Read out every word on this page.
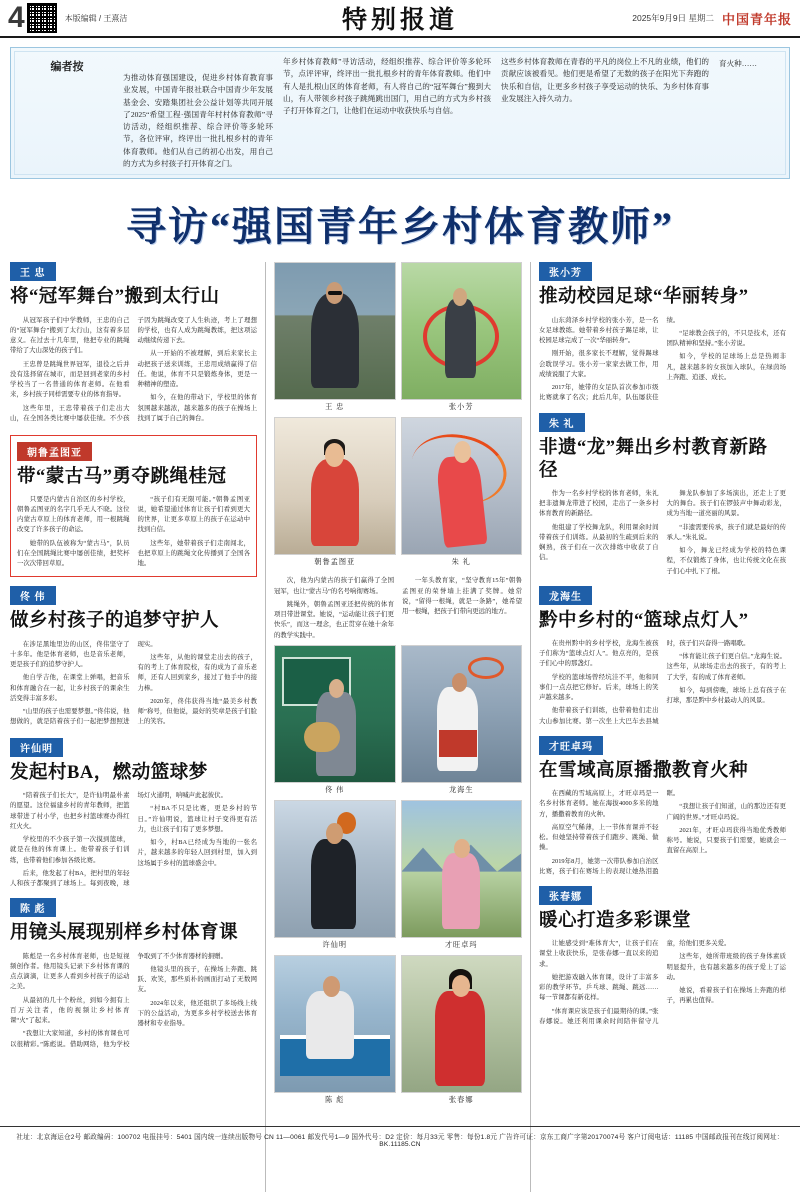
4	本版编辑 / 王熹洁	特别报道	2025年9月9日 星期二 中国青年报
编者按
为推动体育强国建设，促进乡村体育教育事业发展，中国青年报社联合中国青少年发展基金会、安踏集团社会公益计划等共同开展了2025“希望工程·强国青年村村体育教师”寻访活动，经组织推荐、综合评价等多轮环节，各位评审，终评出一批扎根乡村的青年体育教师。他们从自己的初心出发，用自己的方式为乡村孩子打开体育之门。
年乡村体育教师”寻访活动，经组织推荐、综合评价等多轮环节，点评评审，终评出一批扎根乡村的青年体育教师。他们中有人是扎根山区的体育老师，有人将自己的“冠军舞台”搬到大山，有人带领乡村孩子跳绳跳出国门，用自己的方式为乡村孩子打开体育之门，让他们在运动中收获快乐与自信。
这些乡村体育教师在青春的平凡的岗位上不凡的业绩，他们的贡献应该被看见。他们更是希望了无数的孩子在阳光下奔跑的快乐和自信，让更多乡村孩子享受运动的快乐、为乡村体育事业发展注入持久动力。
育火种……
寻访“强国青年乡村体育教师”
王 忠
将“冠军舞台”搬到太行山

从冠军孩子们中学教师，王忠的自己的“冠军舞台”搬到了太行山，这有着多层意义。在过去十几年里，他把专业的跳绳带给了大山深处的孩子们。

王忠曾是跳绳世界冠军，退役之后并没有选择留在城市，而是回到老家的乡村学校当了一名普通的体育老师。在他看来，乡村孩子同样需要专业的体育指导。

这些年里，王忠带着孩子们走出大山，在全国各类比赛中屡获佳绩。不少孩子因为跳绳改变了人生轨迹，考上了理想的学校，也有人成为跳绳教练，把这项运动继续传递下去。

从一开始的不被理解，到后来家长主动把孩子送来训练，王忠用成绩赢得了信任。他说，体育不只是锻炼身体，更是一种精神的塑造。

如今，在他的带动下，学校里的体育氛围越来越浓，越来越多的孩子在操场上找到了属于自己的舞台。

朝鲁孟图亚
带“蒙古马”勇夺跳绳桂冠

只要是内蒙古自治区的乡村学校，朝鲁孟图亚的名字几乎无人不晓。这位内蒙古草原上的体育老师，用一根跳绳改变了许多孩子的命运。

她带的队伍被称为“蒙古马”，队员们在全国跳绳比赛中屡创佳绩，把奖杯一次次带回草原。

“孩子们有无限可能。”朝鲁孟图亚说，她希望通过体育让孩子们看到更大的世界，让更多草原上的孩子在运动中找到自信。

这些年，她带着孩子们走南闯北，也把草原上的跳绳文化传播到了全国各地。

佟 伟
做乡村孩子的追梦守护人

在涉足黑地里边的山区，佟伟坚守了十多年。他是体育老师，也是音乐老师，更是孩子们的追梦守护人。

他自学吉他，在课堂上弹唱，把音乐和体育融合在一起，让乡村孩子的课余生活变得丰富多彩。

“山里的孩子也需要梦想。”佟伟说，他想做的，就是陪着孩子们一起把梦想照进现实。

这些年，从他的课堂走出去的孩子，有的考上了体育院校，有的成为了音乐老师，还有人回到家乡，接过了他手中的接力棒。

2020年，佟伟获得当地“最美乡村教师”称号，但他说，最好的奖章是孩子们脸上的笑容。

许仙明
发起村BA，燃动篮球梦

“陪着孩子们长大”，是许仙明最朴素的愿望。这位福建乡村的青年教师，把篮球带进了村小学，也把乡村篮球赛办得红红火火。

学校里的不少孩子第一次摸到篮球，就是在他的体育课上。他带着孩子们训练，也带着他们参加各级比赛。

后来，他发起了村BA，把村里的年轻人和孩子都聚到了球场上。每到夜晚，球场灯火通明，呐喊声此起彼伏。

“村BA不只是比赛，更是乡村的节日。”许仙明说，篮球让村子变得更有活力，也让孩子们有了更多梦想。

如今，村BA已经成为当地的一张名片，越来越多的年轻人回到村里，加入到这场属于乡村的篮球盛会中。

陈 彪
用镜头展现别样乡村体育课

陈彪是一名乡村体育老师，也是短视频创作者。他用镜头记录下乡村体育课的点点滴滴，让更多人看到乡村孩子的运动之美。

从最初的几十个粉丝，到如今拥有上百万关注者，他的视频让乡村体育课“火”了起来。

“我想让大家知道，乡村的体育课也可以很精彩。”陈彪说。借助网络，他为学校争取到了不少体育器材的捐赠。

他镜头里的孩子，在操场上奔跑、跳跃、欢笑，那些质朴的画面打动了无数网友。

2024年以来，他还组织了多场线上线下的公益活动，为更多乡村学校送去体育器材和专业指导。

王 忠	张小芳
朝鲁孟图亚	朱 礼

次，他为内蒙古的孩子们赢得了全国冠军，也让“蒙古马”的名号响彻赛场。

跳绳外，朝鲁孟图亚还把传统的体育项目带进课堂。她说，“运动能让孩子们更快乐”，而这一理念，也正贯穿在她十余年的教学实践中。

一年头教育家，“坚守教育15年”朝鲁孟图亚的荣誉墙上挂满了奖牌。她常说，“留得一根绳，就是一条路”，她希望用一根绳，把孩子们带向更远的地方。

佟 伟	龙海生
许仙明	才旺卓玛
陈 彪	张春娜
张小芳
推动校园足球“华丽转身”

山东菏泽乡村学校的张小芳，是一名女足球教练。她带着乡村孩子踢足球，让校园足球完成了一次“华丽转身”。

刚开始，很多家长不理解，觉得踢球会耽误学习。张小芳一家家去做工作，用成绩说服了大家。

2017年，她带的女足队首次参加市级比赛就拿了名次；此后几年，队伍屡获佳绩。

“足球教会孩子的，不只是技术，还有团队精神和坚持。”张小芳说。

如今，学校的足球场上总是热闹非凡，越来越多的女孩加入球队，在绿茵场上奔跑、追逐、成长。

朱 礼
非遗“龙”舞出乡村教育新路径

作为一名乡村学校的体育老师，朱礼把非遗舞龙带进了校园，走出了一条乡村体育教育的新路径。

他组建了学校舞龙队，利用课余时间带着孩子们训练。从最初的生疏到后来的娴熟，孩子们在一次次排练中收获了自信。

舞龙队参加了多场演出，还走上了更大的舞台。孩子们在锣鼓声中舞动彩龙，成为当地一道亮丽的风景。

“非遗需要传承，孩子们就是最好的传承人。”朱礼说。

如今，舞龙已经成为学校的特色课程，不仅锻炼了身体，也让传统文化在孩子们心中扎下了根。

龙海生
黔中乡村的“篮球点灯人”

在贵州黔中的乡村学校，龙海生被孩子们称为“篮球点灯人”。他点亮的，是孩子们心中的那盏灯。

学校的篮球场曾经坑洼不平，他和同事们一点点把它修好。后来，球场上的笑声越来越多。

他带着孩子们训练，也带着他们走出大山参加比赛。第一次坐上大巴车去县城时，孩子们兴奋得一路唱歌。

“体育能让孩子们更自信。”龙海生说。这些年，从球场走出去的孩子，有的考上了大学，有的成了体育老师。

如今，每到傍晚，球场上总有孩子在打球，那是黔中乡村最动人的风景。

才旺卓玛
在雪域高原播撒教育火种

在西藏的雪域高原上，才旺卓玛是一名乡村体育老师。她在海拔4000多米的地方，播撒着教育的火种。

高原空气稀薄，上一节体育课并不轻松。但她坚持带着孩子们跑步、跳绳、做操。

2019年8月，她第一次带队参加自治区比赛，孩子们在赛场上的表现让她热泪盈眶。

“我想让孩子们知道，山的那边还有更广阔的世界。”才旺卓玛说。

2021年，才旺卓玛获得当地优秀教师称号。她说，只要孩子们需要，她就会一直留在高原上。

张春娜
暖心打造多彩课堂

让她感受到“难体育大”，让孩子们在课堂上收获快乐，是张春娜一直以来的追求。

她把游戏融入体育课，设计了丰富多彩的教学环节。乒乓球、跳绳、跳远……每一节课都有新花样。

“体育课应该是孩子们最期待的课。”张春娜说。她还利用课余时间陪伴留守儿童，给他们更多关爱。

这些年，她所带班级的孩子身体素质明显提升，也有越来越多的孩子爱上了运动。

她说，看着孩子们在操场上奔跑的样子，再累也值得。

社址：北京海运仓2号 邮政编码：100702 电报挂号：5401 国内统一连续出版物号 CN 11—0061 邮发代号1—9 国外代号：D2 定价：每月33元 零售：每份1.8元 广告许可证：京东工商广字第20170074号 客户订阅电话：11185 中国邮政报刊在线订阅网址：BK.11185.CN
